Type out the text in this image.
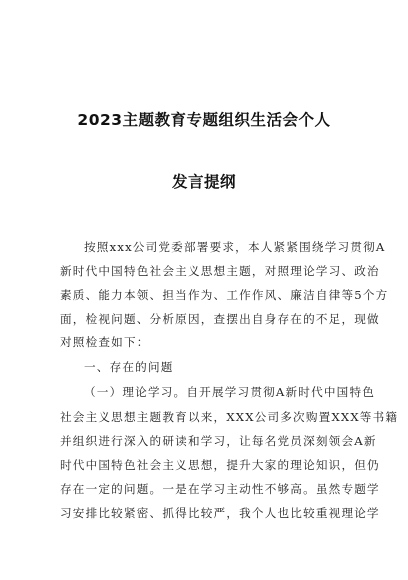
2023主题教育专题组织生活会个人
发言提纲
按照xxx公司党委部署要求，本人紧紧围绕学习贯彻A
新时代中国特色社会主义思想主题，对照理论学习、政治
素质、能力本领、担当作为、工作作风、廉洁自律等5个方
面，检视问题、分析原因，查摆出自身存在的不足，现做
对照检查如下：
一、存在的问题
（一）理论学习。自开展学习贯彻A新时代中国特色
社会主义思想主题教育以来，XXX公司多次购置XXX等书籍
并组织进行深入的研读和学习，让每名党员深刻领会A新
时代中国特色社会主义思想，提升大家的理论知识，但仍
存在一定的问题。一是在学习主动性不够高。虽然专题学
习安排比较紧密、抓得比较严，我个人也比较重视理论学
